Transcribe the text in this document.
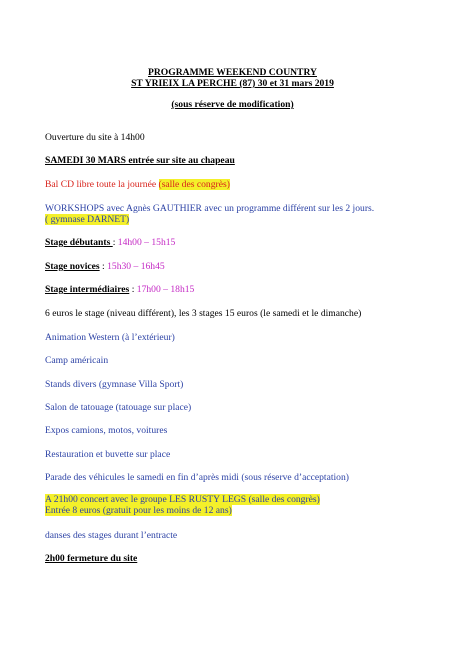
PROGRAMME WEEKEND COUNTRY
ST YRIEIX LA PERCHE (87) 30 et 31 mars 2019
(sous réserve de modification)
Ouverture du site à 14h00
SAMEDI 30 MARS entrée sur site au chapeau
Bal CD libre toute la journée (salle des congrès)
WORKSHOPS avec Agnès GAUTHIER avec un programme différent sur les 2 jours.
( gymnase DARNET)
Stage débutants : 14h00 – 15h15
Stage novices : 15h30 – 16h45
Stage intermédiaires : 17h00 – 18h15
6 euros le stage (niveau différent), les 3 stages 15 euros (le samedi et le dimanche)
Animation Western (à l’extérieur)
Camp américain
Stands divers (gymnase Villa Sport)
Salon de tatouage (tatouage sur place)
Expos camions, motos, voitures
Restauration et buvette sur place
Parade des véhicules le samedi en fin d’après midi (sous réserve d’acceptation)
A 21h00 concert avec le groupe LES RUSTY LEGS (salle des congrès)
Entrée 8 euros (gratuit pour les moins de 12 ans)
danses des stages durant l’entracte
2h00 fermeture du site
